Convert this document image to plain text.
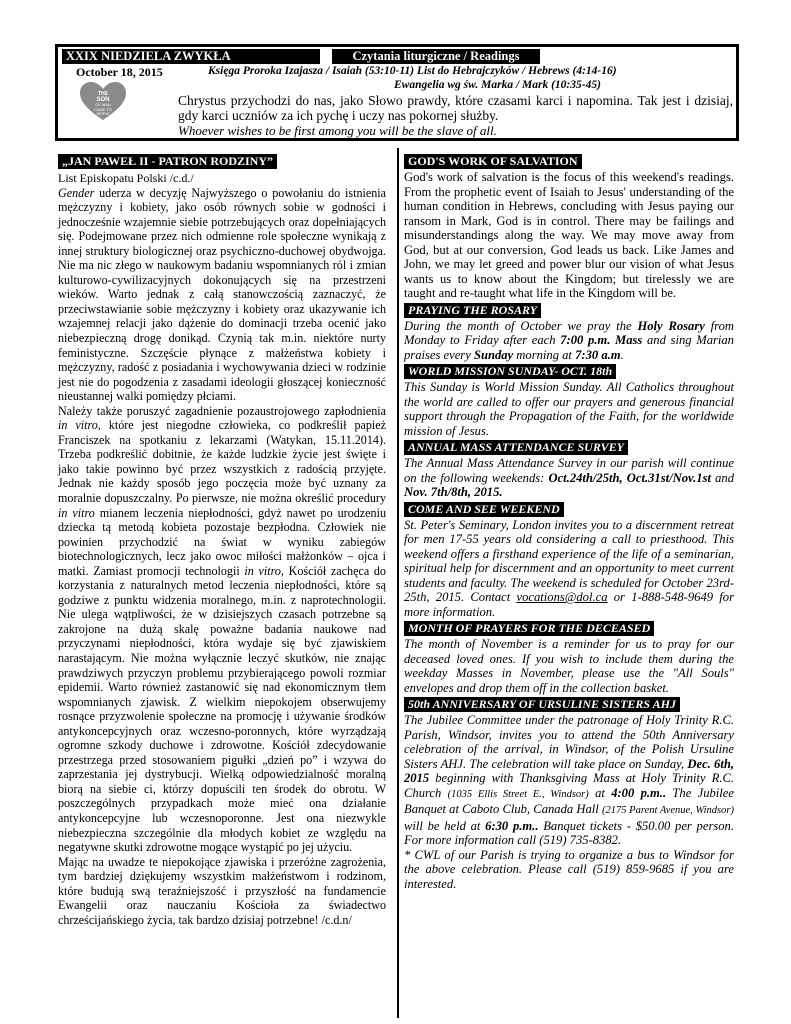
XXIX NIEDZIELA ZWYKŁA	Czytania liturgiczne / Readings
October 18, 2015	Księga Proroka Izajasza / Isaiah (53:10-11) List do Hebrajczyków / Hebrews (4:14-16)
Ewangelia wg św. Marka / Mark (10:35-45)
THE
SON
OF MAN
CAME TO
SERVE
Chrystus przychodzi do nas, jako Słowo prawdy, które czasami karci i napomina. Tak jest i dzisiaj, gdy karci uczniów za ich pychę i uczy nas pokornej służby.
Whoever wishes to be first among you will be the slave of all.
„JAN PAWEŁ II - PATRON RODZINY”

List Episkopatu Polski /c.d./

Gender uderza w decyzję Najwyższego o powołaniu do istnienia mężczyzny i kobiety, jako osób równych sobie w godności i jednocześnie wzajemnie siebie potrzebujących oraz dopełniających się. Podejmowane przez nich odmienne role społeczne wynikają z innej struktury biologicznej oraz psychiczno-duchowej obydwojga. Nie ma nic złego w naukowym badaniu wspomnianych ról i zmian kulturowo-cywilizacyjnych dokonujących się na przestrzeni wieków. Warto jednak z całą stanowczością zaznaczyć, że przeciwstawianie sobie mężczyzny i kobiety oraz ukazywanie ich wzajemnej relacji jako dążenie do dominacji trzeba ocenić jako niebezpieczną drogę donikąd. Czynią tak m.in. niektóre nurty feministyczne. Szczęście płynące z małżeństwa kobiety i mężczyzny, radość z posiadania i wychowywania dzieci w rodzinie jest nie do pogodzenia z zasadami ideologii głoszącej konieczność nieustannej walki pomiędzy płciami.

Należy także poruszyć zagadnienie pozaustrojowego zapłodnienia in vitro, które jest niegodne człowieka, co podkreślił papież Franciszek na spotkaniu z lekarzami (Watykan, 15.11.2014). Trzeba podkreślić dobitnie, że każde ludzkie życie jest święte i jako takie powinno być przez wszystkich z radością przyjęte. Jednak nie każdy sposób jego poczęcia może być uznany za moralnie dopuszczalny. Po pierwsze, nie można określić procedury in vitro mianem leczenia niepłodności, gdyż nawet po urodzeniu dziecka tą metodą kobieta pozostaje bezpłodna. Człowiek nie powinien przychodzić na świat w wyniku zabiegów biotechnologicznych, lecz jako owoc miłości małżonków – ojca i matki. Zamiast promocji technologii in vitro, Kościół zachęca do korzystania z naturalnych metod leczenia niepłodności, które są godziwe z punktu widzenia moralnego, m.in. z naprotechnologii. Nie ulega wątpliwości, że w dzisiejszych czasach potrzebne są zakrojone na dużą skalę poważne badania naukowe nad przyczynami niepłodności, która wydaje się być zjawiskiem narastającym. Nie można wyłącznie leczyć skutków, nie znając prawdziwych przyczyn problemu przybierającego powoli rozmiar epidemii. Warto również zastanowić się nad ekonomicznym tłem wspomnianych zjawisk. Z wielkim niepokojem obserwujemy rosnące przyzwolenie społeczne na promocję i używanie środków antykoncepcyjnych oraz wczesno-poronnych, które wyrządzają ogromne szkody duchowe i zdrowotne. Kościół zdecydowanie przestrzega przed stosowaniem pigułki „dzień po” i wzywa do zaprzestania jej dystrybucji. Wielką odpowiedzialność moralną biorą na siebie ci, którzy dopuścili ten środek do obrotu. W poszczególnych przypadkach może mieć ona działanie antykoncepcyjne lub wczesnoporonne. Jest ona niezwykle niebezpieczna szczególnie dla młodych kobiet ze względu na negatywne skutki zdrowotne mogące wystąpić po jej użyciu.

Mając na uwadze te niepokojące zjawiska i przeróżne zagrożenia, tym bardziej dziękujemy wszystkim małżeństwom i rodzinom, które budują swą teraźniejszość i przyszłość na fundamencie Ewangelii oraz nauczaniu Kościoła za świadectwo chrześcijańskiego życia, tak bardzo dzisiaj potrzebne! /c.d.n/

GOD'S WORK OF SALVATION

God's work of salvation is the focus of this weekend's readings. From the prophetic event of Isaiah to Jesus' understanding of the human condition in Hebrews, concluding with Jesus paying our ransom in Mark, God is in control. There may be failings and misunderstandings along the way. We may move away from God, but at our conversion, God leads us back. Like James and John, we may let greed and power blur our vision of what Jesus wants us to know about the Kingdom; but tirelessly we are taught and re-taught what life in the Kingdom will be.

PRAYING THE ROSARY

During the month of October we pray the Holy Rosary from Monday to Friday after each 7:00 p.m. Mass and sing Marian praises every Sunday morning at 7:30 a.m.

WORLD MISSION SUNDAY- OCT. 18th

This Sunday is World Mission Sunday. All Catholics throughout the world are called to offer our prayers and generous financial support through the Propagation of the Faith, for the worldwide mission of Jesus.

ANNUAL MASS ATTENDANCE SURVEY

The Annual Mass Attendance Survey in our parish will continue on the following weekends: Oct.24th/25th, Oct.31st/Nov.1st and Nov. 7th/8th, 2015.

COME AND SEE WEEKEND

St. Peter's Seminary, London invites you to a discernment retreat for men 17-55 years old considering a call to priesthood. This weekend offers a firsthand experience of the life of a seminarian, spiritual help for discernment and an opportunity to meet current students and faculty. The weekend is scheduled for October 23rd-25th, 2015. Contact vocations@dol.ca or 1-888-548-9649 for more information.

MONTH OF PRAYERS FOR THE DECEASED

The month of November is a reminder for us to pray for our deceased loved ones. If you wish to include them during the weekday Masses in November, please use the "All Souls" envelopes and drop them off in the collection basket.

50th ANNIVERSARY OF URSULINE SISTERS AHJ

The Jubilee Committee under the patronage of Holy Trinity R.C. Parish, Windsor, invites you to attend the 50th Anniversary celebration of the arrival, in Windsor, of the Polish Ursuline Sisters AHJ. The celebration will take place on Sunday, Dec. 6th, 2015 beginning with Thanksgiving Mass at Holy Trinity R.C. Church (1035 Ellis Street E., Windsor) at 4:00 p.m.. The Jubilee Banquet at Caboto Club, Canada Hall (2175 Parent Avenue, Windsor) will be held at 6:30 p.m.. Banquet tickets - $50.00 per person. For more information call (519) 735-8382.

* CWL of our Parish is trying to organize a bus to Windsor for the above celebration. Please call (519) 859-9685 if you are interested.
